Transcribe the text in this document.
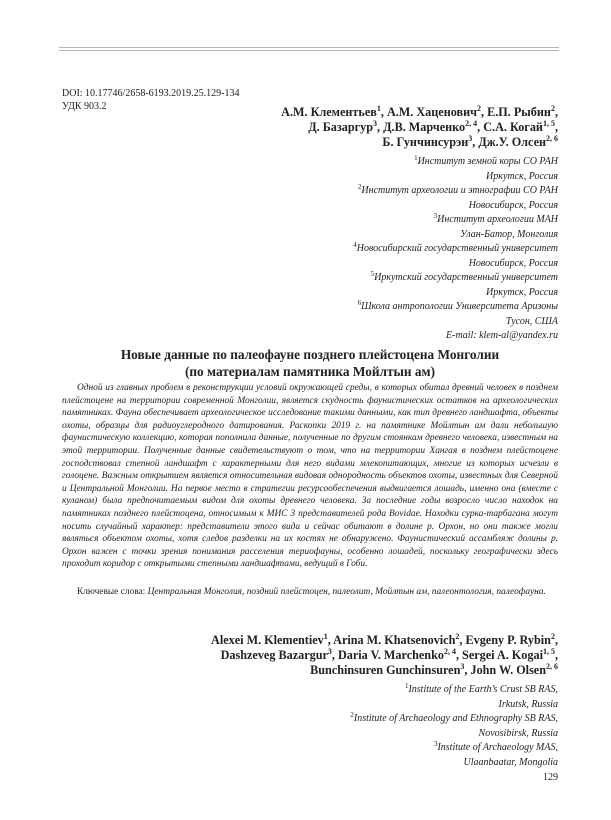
DOI: 10.17746/2658-6193.2019.25.129-134
УДК 903.2	А.М. Клементьев$^1$, А.М. Хаценович$^2$, Е.П. Рыбин$^2$,
Д. Базаргур$^3$, Д.В. Марченко$^{2, 4}$, С.А. Когай$^{1, 5}$,
Б. Гунчинсурэн$^3$, Дж.У. Олсен$^{2, 6}$
$^1$Институт земной коры СО РАН
Иркутск, Россия
$^2$Институт археологии и этнографии СО РАН
Новосибирск, Россия
$^3$Институт археологии МАН
Улан-Батор, Монголия
$^4$Новосибирский государственный университет
Новосибирск, Россия
$^5$Иркутский государственный университет
Иркутск, Россия
$^6$Школа антропологии Университета Аризоны
Тусон, США
E-mail: klem-al@yandex.ru
Новые данные по палеофауне позднего плейстоцена Монголии
(по материалам памятника Мойлтын ам)

Одной из главных проблем в реконструкции условий окружающей среды, в которых обитал древний человек в позднем плейстоцене на территории современной Монголии, является скудность фаунистических остатков на археологических памятниках. Фауна обеспечивает археологическое исследование такими данными, как тип древнего ландшафта, объекты охоты, образцы для радиоуглеродного датирования. Раскопки 2019 г. на памятнике Мойлтын ам дали небольшую фаунистическую коллекцию, которая пополнила данные, полученные по другим стоянкам древнего человека, известным на этой территории. Полученные данные свидетельствуют о том, что на территории Хангая в позднем плейстоцене господствовал степной ландшафт с характерными для него видами млекопитающих, многие из которых исчезли в голоцене. Важным открытием является относительная видовая однородность объектов охоты, известных для Северной и Центральной Монголии. На первое место в стратегии ресурсообеспечения выдвигается лошадь, именно она (вместе с куланом) была предпочитаемым видом для охоты древнего человека. За последние годы возросло число находок на памятниках позднего плейстоцена, относимым к МИС 3 представителей рода Bovidae. Находки сурка-тарбагана могут носить случайный характер: представители этого вида и сейчас обитают в долине р. Орхон, но они также могли являться объектом охоты, хотя следов разделки на их костях не обнаружено. Фаунистический ассамбляж долины р. Орхон важен с точки зрения понимания расселения териофауны, особенно лошадей, поскольку географически здесь проходит коридор с открытыми степными ландшафтами, ведущий в Гоби.

Ключевые слова: Центральная Монголия, поздний плейстоцен, палеолит, Мойлтын ам, палеонтология, палеофауна.

Alexei M. Klementiev$^1$, Arina M. Khatsenovich$^2$, Evgeny P. Rybin$^2$,
Dashzeveg Bazargur$^3$, Daria V. Marchenko$^{2, 4}$, Sergei A. Kogai$^{1, 5}$,
Bunchinsuren Gunchinsuren$^3$, John W. Olsen$^{2, 6}$
$^1$Institute of the Earth’s Crust SB RAS,
Irkutsk, Russia
$^2$Institute of Archaeology and Ethnography SB RAS,
Novosibirsk, Russia
$^3$Institute of Archaeology MAS,
Ulaanbaatar, Mongolia
129
